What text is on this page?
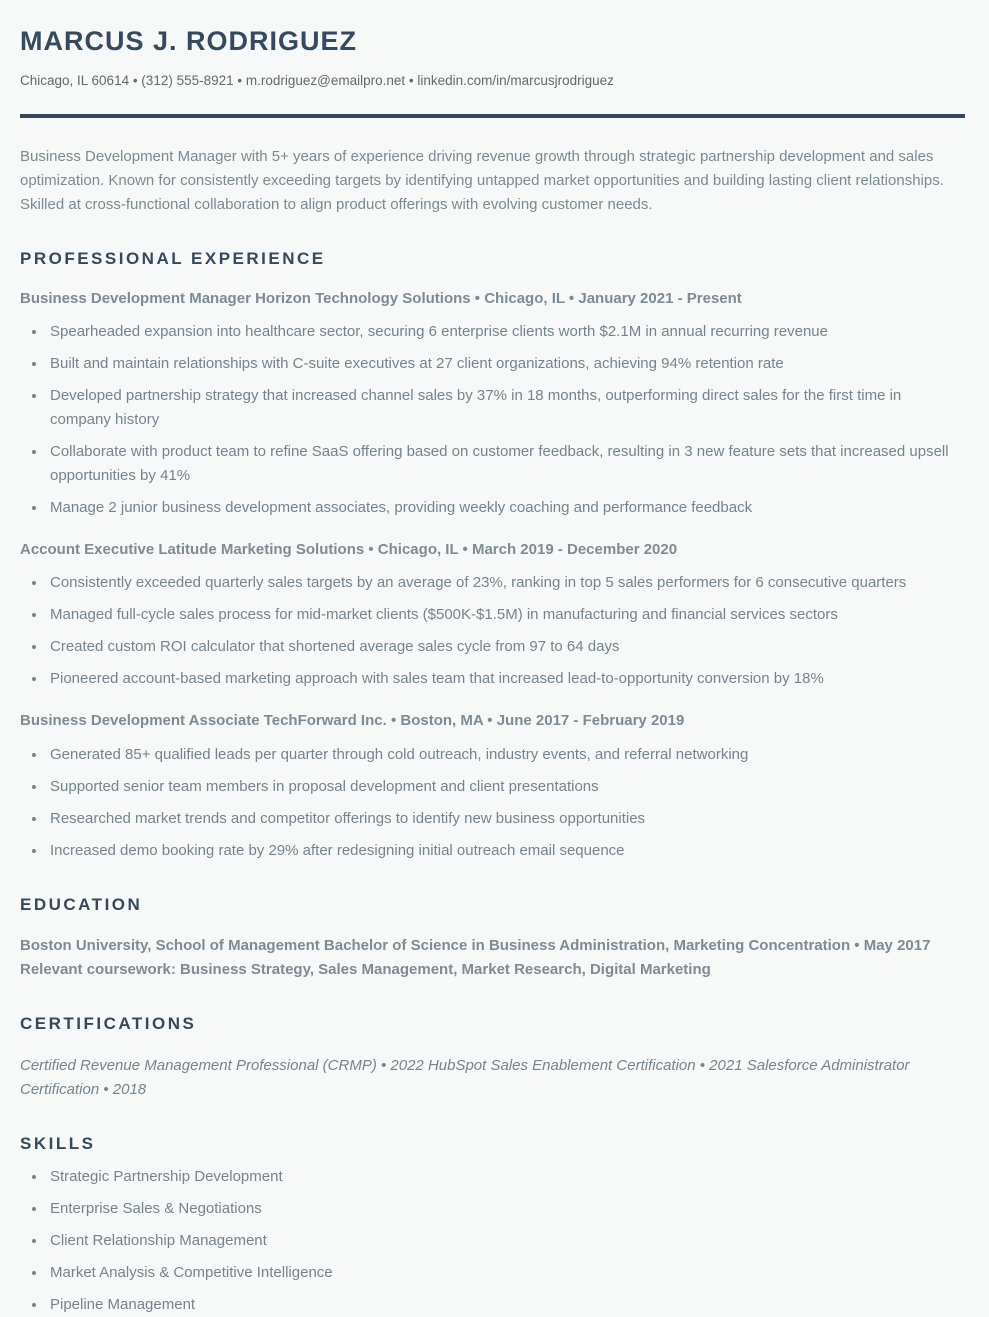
MARCUS J. RODRIGUEZ

Chicago, IL 60614 • (312) 555-8921 • m.rodriguez@emailpro.net • linkedin.com/in/marcusjrodriguez

Business Development Manager with 5+ years of experience driving revenue growth through strategic partnership development and sales optimization. Known for consistently exceeding targets by identifying untapped market opportunities and building lasting client relationships. Skilled at cross-functional collaboration to align product offerings with evolving customer needs.

PROFESSIONAL EXPERIENCE
Business Development Manager Horizon Technology Solutions • Chicago, IL • January 2021 - Present
• Spearheaded expansion into healthcare sector, securing 6 enterprise clients worth $2.1M in annual recurring revenue
• Built and maintain relationships with C-suite executives at 27 client organizations, achieving 94% retention rate
• Developed partnership strategy that increased channel sales by 37% in 18 months, outperforming direct sales for the first time in company history
• Collaborate with product team to refine SaaS offering based on customer feedback, resulting in 3 new feature sets that increased upsell opportunities by 41%
• Manage 2 junior business development associates, providing weekly coaching and performance feedback
Account Executive Latitude Marketing Solutions • Chicago, IL • March 2019 - December 2020
• Consistently exceeded quarterly sales targets by an average of 23%, ranking in top 5 sales performers for 6 consecutive quarters
• Managed full-cycle sales process for mid-market clients ($500K-$1.5M) in manufacturing and financial services sectors
• Created custom ROI calculator that shortened average sales cycle from 97 to 64 days
• Pioneered account-based marketing approach with sales team that increased lead-to-opportunity conversion by 18%
Business Development Associate TechForward Inc. • Boston, MA • June 2017 - February 2019
• Generated 85+ qualified leads per quarter through cold outreach, industry events, and referral networking
• Supported senior team members in proposal development and client presentations
• Researched market trends and competitor offerings to identify new business opportunities
• Increased demo booking rate by 29% after redesigning initial outreach email sequence
EDUCATION

Boston University, School of Management Bachelor of Science in Business Administration, Marketing Concentration • May 2017 Relevant coursework: Business Strategy, Sales Management, Market Research, Digital Marketing

CERTIFICATIONS

Certified Revenue Management Professional (CRMP) • 2022 HubSpot Sales Enablement Certification • 2021 Salesforce Administrator Certification • 2018

SKILLS
• Strategic Partnership Development
• Enterprise Sales & Negotiations
• Client Relationship Management
• Market Analysis & Competitive Intelligence
• Pipeline Management
